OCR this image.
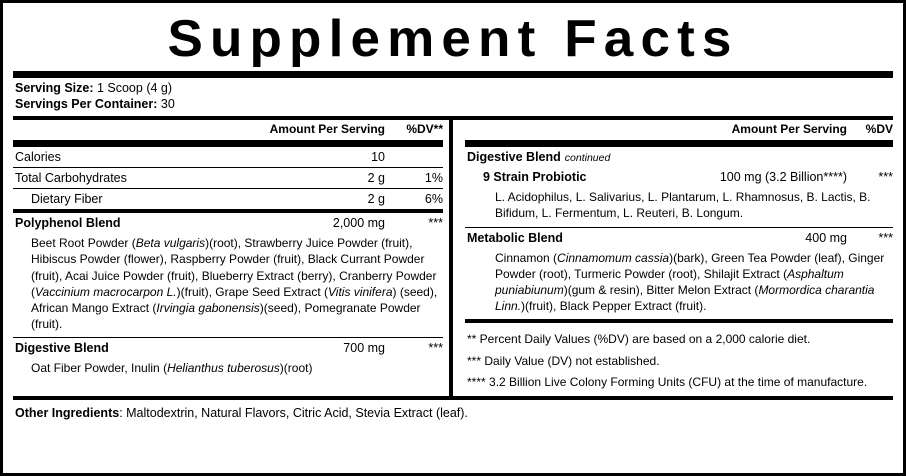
Supplement Facts
Serving Size: 1 Scoop (4 g)
Servings Per Container: 30
Amount Per Serving	%DV**
Calories	10
Total Carbohydrates	2 g	1%
Dietary Fiber	2 g	6%
Polyphenol Blend	2,000 mg	***
Beet Root Powder (Beta vulgaris)(root), Strawberry Juice Powder (fruit), Hibiscus Powder (flower), Raspberry Powder (fruit), Black Currant Powder (fruit), Acai Juice Powder (fruit), Blueberry Extract (berry), Cranberry Powder (Vaccinium macrocarpon L.)(fruit), Grape Seed Extract (Vitis vinifera) (seed), African Mango Extract (Irvingia gabonensis)(seed), Pomegranate Powder (fruit).
Digestive Blend	700 mg	***
Oat Fiber Powder, Inulin (Helianthus tuberosus)(root)
Amount Per Serving	%DV
Digestive Blend continued
9 Strain Probiotic	100 mg (3.2 Billion****)	***
L. Acidophilus, L. Salivarius, L. Plantarum, L. Rhamnosus, B. Lactis, B. Bifidum, L. Fermentum, L. Reuteri, B. Longum.
Metabolic Blend	400 mg	***
Cinnamon (Cinnamomum cassia)(bark), Green Tea Powder (leaf), Ginger Powder (root), Turmeric Powder (root), Shilajit Extract (Asphaltum puniabiunum)(gum & resin), Bitter Melon Extract (Mormordica charantia Linn.)(fruit), Black Pepper Extract (fruit).
** Percent Daily Values (%DV) are based on a 2,000 calorie diet.
*** Daily Value (DV) not established.
**** 3.2 Billion Live Colony Forming Units (CFU) at the time of manufacture.
Other Ingredients: Maltodextrin, Natural Flavors, Citric Acid, Stevia Extract (leaf).
